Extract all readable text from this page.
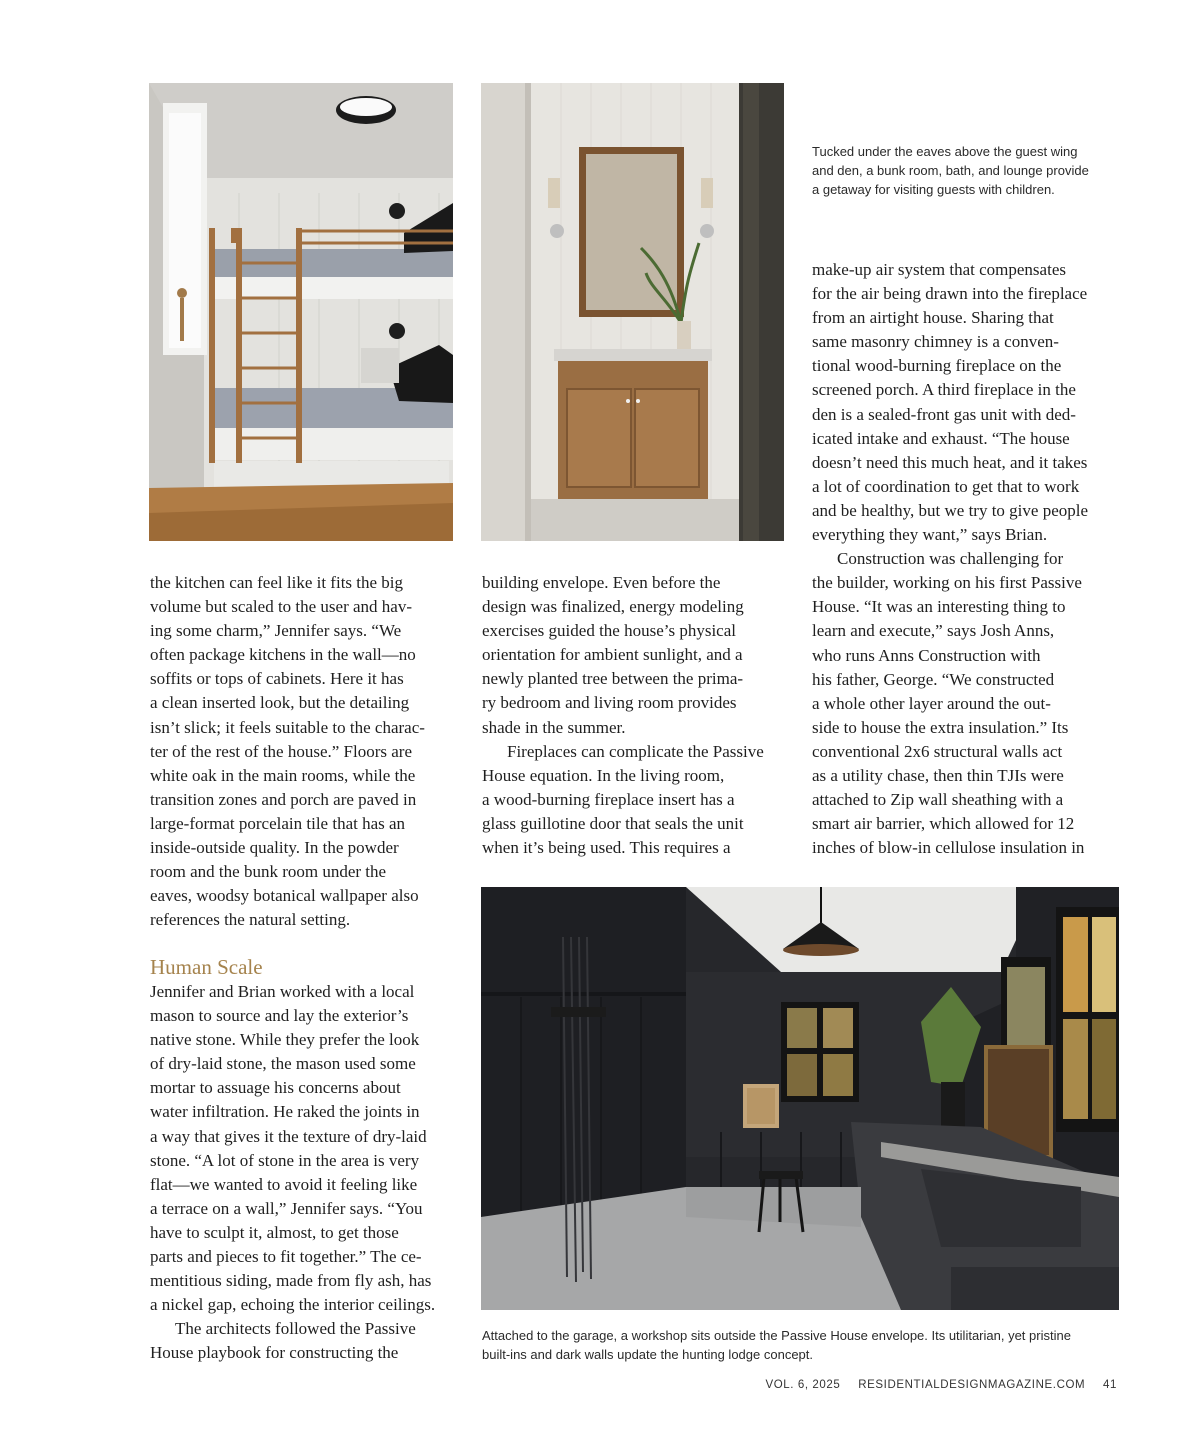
Tucked under the eaves above the guest wing
and den, a bunk room, bath, and lounge provide
a getaway for visiting guests with children.
make-up air system that compensates
for the air being drawn into the fireplace
from an airtight house. Sharing that
same masonry chimney is a conven-
tional wood-burning fireplace on the
screened porch. A third fireplace in the
den is a sealed-front gas unit with ded-
icated intake and exhaust. “The house
doesn’t need this much heat, and it takes
a lot of coordination to get that to work
and be healthy, but we try to give people
everything they want,” says Brian.
Construction was challenging for
the builder, working on his first Passive
House. “It was an interesting thing to
learn and execute,” says Josh Anns,
who runs Anns Construction with
his father, George. “We constructed
a whole other layer around the out-
side to house the extra insulation.” Its
conventional 2x6 structural walls act
as a utility chase, then thin TJIs were
attached to Zip wall sheathing with a
smart air barrier, which allowed for 12
inches of blow-in cellulose insulation in
the kitchen can feel like it fits the big
volume but scaled to the user and hav-
ing some charm,” Jennifer says. “We
often package kitchens in the wall—no
soffits or tops of cabinets. Here it has
a clean inserted look, but the detailing
isn’t slick; it feels suitable to the charac-
ter of the rest of the house.” Floors are
white oak in the main rooms, while the
transition zones and porch are paved in
large-format porcelain tile that has an
inside-outside quality. In the powder
room and the bunk room under the
eaves, woodsy botanical wallpaper also
references the natural setting.
building envelope. Even before the
design was finalized, energy modeling
exercises guided the house’s physical
orientation for ambient sunlight, and a
newly planted tree between the prima-
ry bedroom and living room provides
shade in the summer.
Fireplaces can complicate the Passive
House equation. In the living room,
a wood-burning fireplace insert has a
glass guillotine door that seals the unit
when it’s being used. This requires a
Human Scale
Jennifer and Brian worked with a local
mason to source and lay the exterior’s
native stone. While they prefer the look
of dry-laid stone, the mason used some
mortar to assuage his concerns about
water infiltration. He raked the joints in
a way that gives it the texture of dry-laid
stone. “A lot of stone in the area is very
flat—we wanted to avoid it feeling like
a terrace on a wall,” Jennifer says. “You
have to sculpt it, almost, to get those
parts and pieces to fit together.” The ce-
mentitious siding, made from fly ash, has
a nickel gap, echoing the interior ceilings.
The architects followed the Passive
House playbook for constructing the
Attached to the garage, a workshop sits outside the Passive House envelope. Its utilitarian, yet pristine
built-ins and dark walls update the hunting lodge concept.
VOL. 6, 2025 RESIDENTIALDESIGNMAGAZINE.COM 41
